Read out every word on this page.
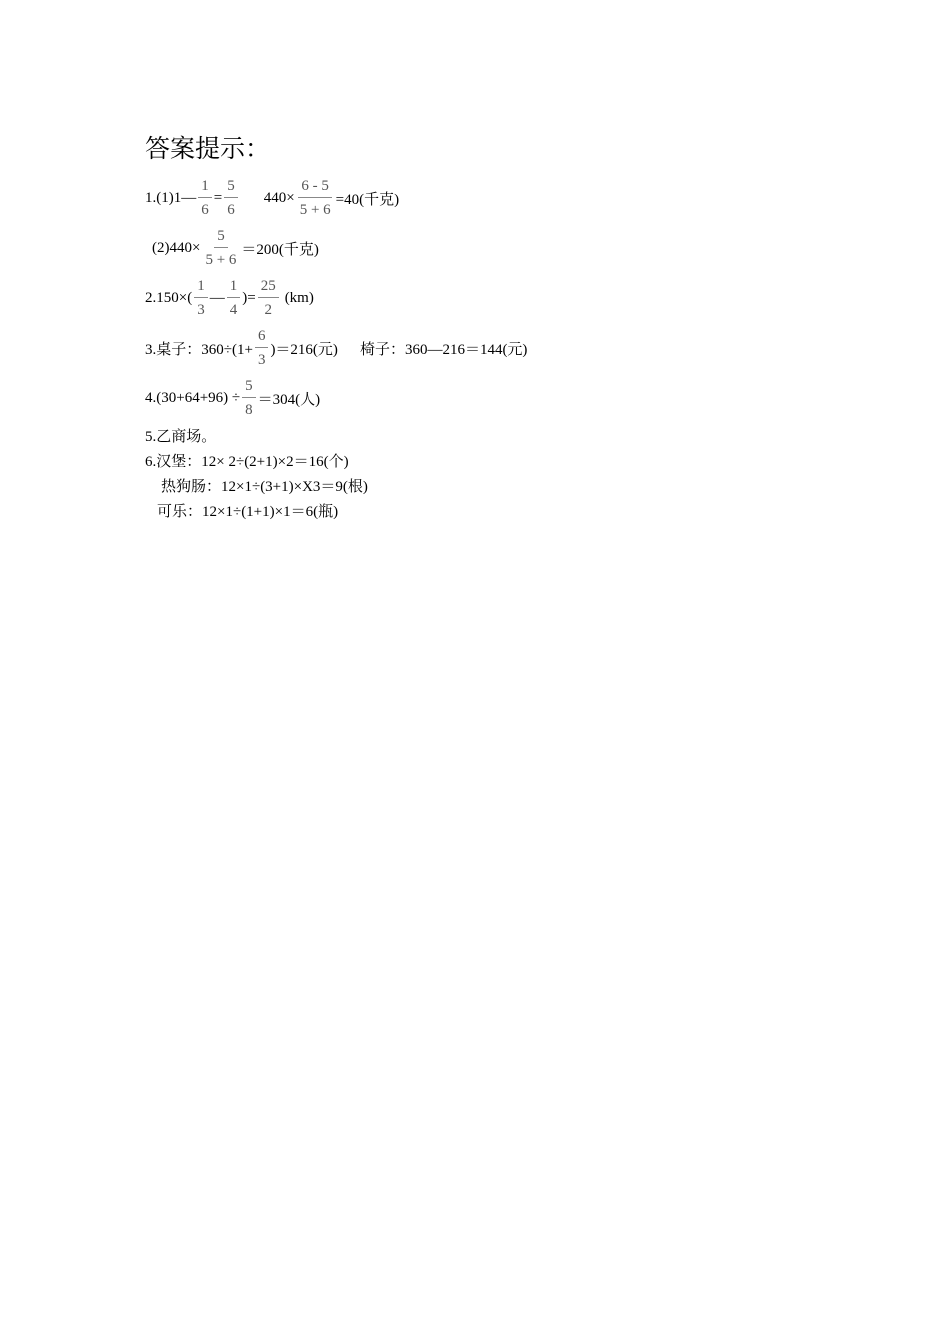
答案提示：
1.(1)1— $\frac{1}{6} = \frac{5}{6} 440\times \frac{6 - 5}{5 + 6} =40$(千克)
$(2)440\times \frac{5}{5 + 6} =200$(千克)
$2.150\times( \frac{1}{3}$ — $\frac{1}{4}$ )= $\frac{25}{2} (km)$
3.桌子：$360\div(1+ \frac{6}{3} )=216$(元) 椅子：360—216＝144(元)
$4.(30+64+96) \div \frac{5}{8} =304$(人)
5.乙商场。
6.汉堡：12× 2÷(2+1)×2＝16(个)
热狗肠：12×1÷(3+1)×X3＝9(根)
可乐：12×1÷(1+1)×1＝6(瓶)
